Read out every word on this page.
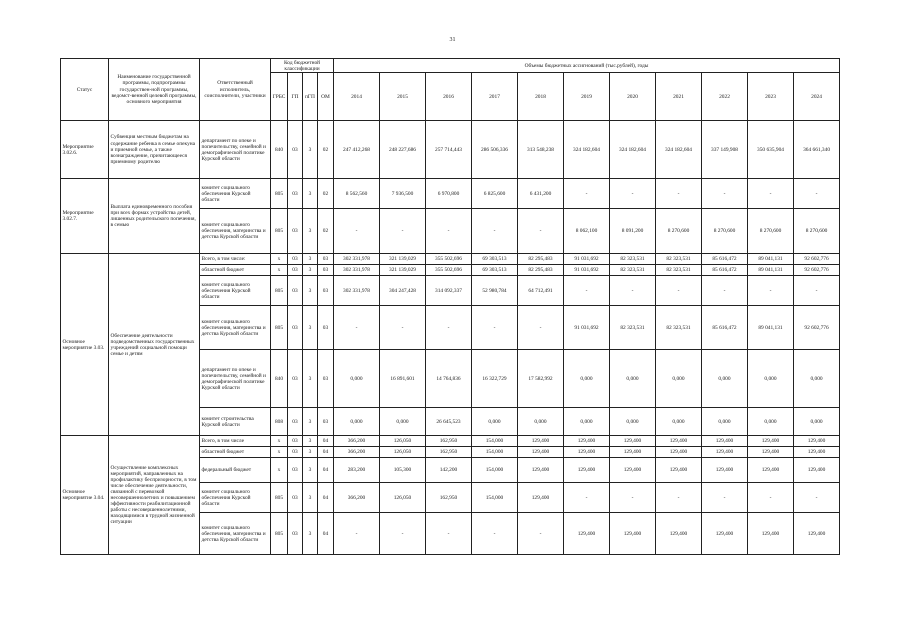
31
Статус	Наименование государственной программы, подпрограммы государствен-ной программы, ведомст-венной целевой программы, основного мероприятия	Ответственный исполнитель, соисполнители, участники	Код бюджетной классификации				Объемы бюджетных ассигнований (тыс.рублей), годы										
			ГРБС	ГП	пГП	ОМ	2014	2015	2016	2017	2018	2019	2020	2021	2022	2023	2024
Мероприятие 3.02.6.	Субвенция местным бюджетам на содержание ребенка в семье опекуна и приемной семье, а также вознаграждение, причитающееся приемному родителю	департамент по опеке и попечительству, семейной и демографической политике Курской области	840	03	3	02	247 412,268	248 227,686	257 714,443	286 506,336	313 548,238	324 182,604	324 182,604	324 182,604	337 149,908	350 635,904	364 661,340
Мероприятие 3.02.7.	Выплата единовременного пособия при всех формах устройства детей, лишенных родительского попечения, в семью	комитет социального обеспечения Курской области	805	03	3	02	8 562,560	7 936,500	6 970,800	6 825,600	6 431,200	-	-	-	-	-	-
		комитет социального обеспечения, материнства и детства Курской области	805	03	3	02	-	-	-	-	-	8 062,100	8 091,200	8 270,600	8 270,600	8 270,600	8 270,600
Основное мероприятие 3.03.	Обеспечение деятельности подведомственных государственных учреждений социальной помощи семье и детям	Всего, в том числе:	х	03	3	03	302 331,978	321 139,029	355 502,696	69 303,513	82 295,483	91 031,692	82 323,531	82 323,531	85 616,472	89 041,131	92 602,776
		областной бюджет	х	03	3	03	302 331,978	321 139,029	355 502,696	69 303,513	82 295,483	91 031,692	82 323,531	82 323,531	85 616,472	89 041,131	92 602,776
		комитет социального обеспечения Курской области	805	03	3	03	302 331,978	304 247,428	314 092,337	52 980,784	64 712,491	-	-	-	-	-	-
		комитет социального обеспечения, материнства и детства Курской области	805	03	3	03	-	-	-	-	-	91 031,692	82 323,531	82 323,531	85 616,472	89 041,131	92 602,776
		департамент по опеке и попечительству, семейной и демографической политике Курской области	840	03	3	03	0,000	16 891,601	14 764,836	16 322,729	17 582,992	0,000	0,000	0,000	0,000	0,000	0,000
		комитет строительства Курской области	808	03	3	03	0,000	0,000	26 645,523	0,000	0,000	0,000	0,000	0,000	0,000	0,000	0,000
Основное мероприятие 3.04.	Осуществление комплексных мероприятий, направленных на профилактику беспризорности, в том числе обеспечение деятельности, связанной с перевозкой несовершеннолетних и повышением эффективности реабилитационной работы с несовершеннолетними, находящимися в трудной жизненной ситуации	Всего, в том числе	х	03	3	04	366,200	126,050	162,950	154,000	129,400	129,400	129,400	129,400	129,400	129,400	129,400
		областной бюджет	х	03	3	04	366,200	126,050	162,950	154,000	129,400	129,400	129,400	129,400	129,400	129,400	129,400
		федеральный бюджет	х	03	3	04	283,200	105,300	142,200	154,000	129,400	129,400	129,400	129,400	129,400	129,400	129,400
		комитет социального обеспечения Курской области	805	03	3	04	366,200	126,050	162,950	154,000	129,400	-	-	-	-	-	-
		комитет социального обеспечения, материнства и детства Курской области	805	03	3	04	-	-	-	-	-	129,400	129,400	129,400	129,400	129,400	129,400
